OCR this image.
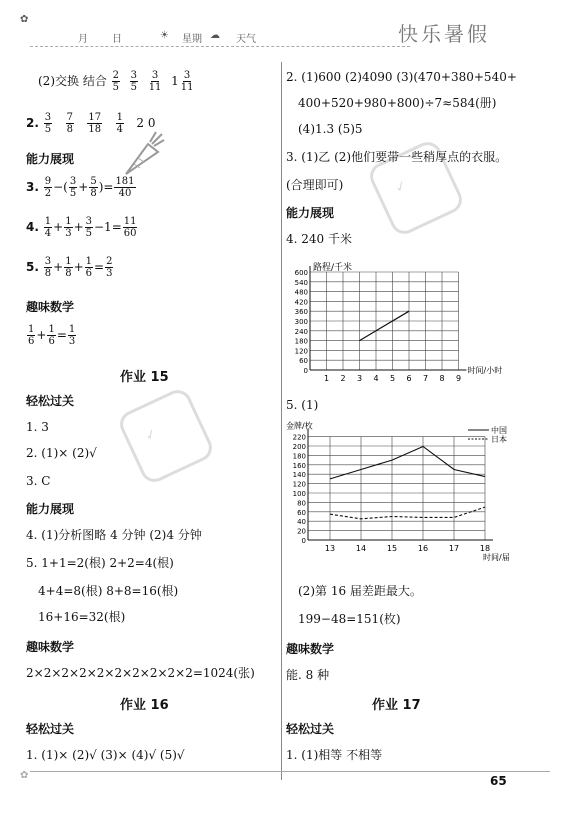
✿
月 日	☀ 星期 ☁ 天气	快乐暑假
✓
✓
(2)交换 结合 $\frac{2}{5}$
$\frac{3}{5}$
$\frac{3}{11} 1 \frac{3}{11}$
2. $\frac{3}{5}$
$\frac{7}{8}$
$\frac{17}{18}$
$\frac{1}{4} 2$ 0
能力展现
3. $\frac{9}{2}$ −( $\frac{3}{5} + \frac{5}{8}$ )= $\frac{181}{40}$
4. $\frac{1}{4} + \frac{1}{3} + \frac{3}{5} -1= \frac{11}{60}$
5. $\frac{3}{8} + \frac{1}{8} + \frac{1}{6} = \frac{2}{3}$
趣味数学
$\frac{1}{6} + \frac{1}{6} = \frac{1}{3}$
作业 15
轻松过关
1. 3
2. (1)× (2)√
3. C
能力展现
4. (1)分析图略 4 分钟 (2)4 分钟
5. 1+1=2(根) 2+2=4(根)
4+4=8(根) 8+8=16(根)
16+16=32(根)
趣味数学
2×2×2×2×2×2×2×2×2×2=1024(张)
作业 16
轻松过关
1. (1)× (2)√ (3)× (4)√ (5)√
2. (1)600 (2)4090 (3)(470+380+540+
400+520+980+800)÷7≈584(册)
(4)1.3 (5)5
3. (1)乙 (2)他们要带一些稍厚点的衣服。
(合理即可)
能力展现
4. 240 千米
1 2 3 4 5 6 7 8 9
0
60
120
180
240
300
360
420
480
540
600 路程/千米
时间/小时
5. (1)
13	14	15	16	17	18
0
20
40
60
80
100
120
140
160
180
200
220
金牌/枚
时间/届
中国
日本
(2)第 16 届差距最大。
199−48=151(枚)
趣味数学
能. 8 种
作业 17
轻松过关
1. (1)相等 不相等
✿	65
